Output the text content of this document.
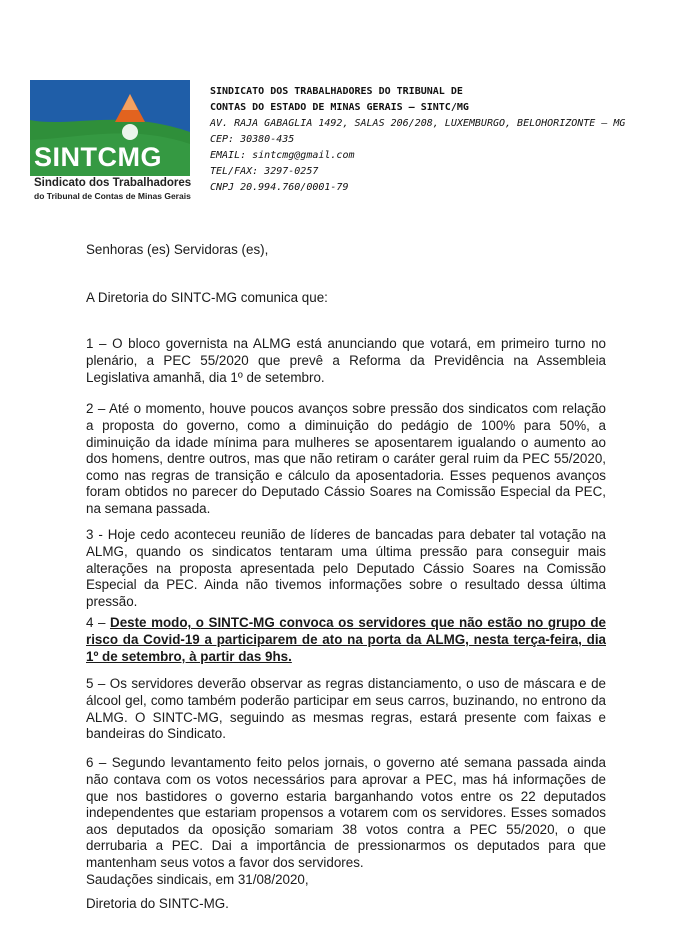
SINTCMG
Sindicato dos Trabalhadores
do Tribunal de Contas de Minas Gerais
SINDICATO DOS TRABALHADORES DO TRIBUNAL DE
CONTAS DO ESTADO DE MINAS GERAIS – SINTC/MG
AV. RAJA GABAGLIA 1492, SALAS 206/208, LUXEMBURGO, BELOHORIZONTE – MG
CEP: 30380-435
EMAIL: sintcmg@gmail.com
TEL/FAX: 3297-0257
CNPJ 20.994.760/0001-79
Senhoras (es) Servidoras (es),
A Diretoria do SINTC-MG comunica que:

1 – O bloco governista na ALMG está anunciando que votará, em primeiro turno no plenário, a PEC 55/2020 que prevê a Reforma da Previdência na Assembleia Legislativa amanhã, dia 1º de setembro.

2 – Até o momento, houve poucos avanços sobre pressão dos sindicatos com relação a proposta do governo, como a diminuição do pedágio de 100% para 50%, a diminuição da idade mínima para mulheres se aposentarem igualando o aumento ao dos homens, dentre outros, mas que não retiram o caráter geral ruim da PEC 55/2020, como nas regras de transição e cálculo da aposentadoria. Esses pequenos avanços foram obtidos no parecer do Deputado Cássio Soares na Comissão Especial da PEC, na semana passada.

3 - Hoje cedo aconteceu reunião de líderes de bancadas para debater tal votação na ALMG, quando os sindicatos tentaram uma última pressão para conseguir mais alterações na proposta apresentada pelo Deputado Cássio Soares na Comissão Especial da PEC. Ainda não tivemos informações sobre o resultado dessa última pressão.

4 – Deste modo, o SINTC-MG convoca os servidores que não estão no grupo de risco da Covid-19 a participarem de ato na porta da ALMG, nesta terça-feira, dia 1º de setembro, à partir das 9hs.

5 – Os servidores deverão observar as regras distanciamento, o uso de máscara e de álcool gel, como também poderão participar em seus carros, buzinando, no entrono da ALMG. O SINTC-MG, seguindo as mesmas regras, estará presente com faixas e bandeiras do Sindicato.

6 – Segundo levantamento feito pelos jornais, o governo até semana passada ainda não contava com os votos necessários para aprovar a PEC, mas há informações de que nos bastidores o governo estaria barganhando votos entre os 22 deputados independentes que estariam propensos a votarem com os servidores. Esses somados aos deputados da oposição somariam 38 votos contra a PEC 55/2020, o que derrubaria a PEC. Dai a importância de pressionarmos os deputados para que mantenham seus votos a favor dos servidores.

Saudações sindicais, em 31/08/2020,
Diretoria do SINTC-MG.
